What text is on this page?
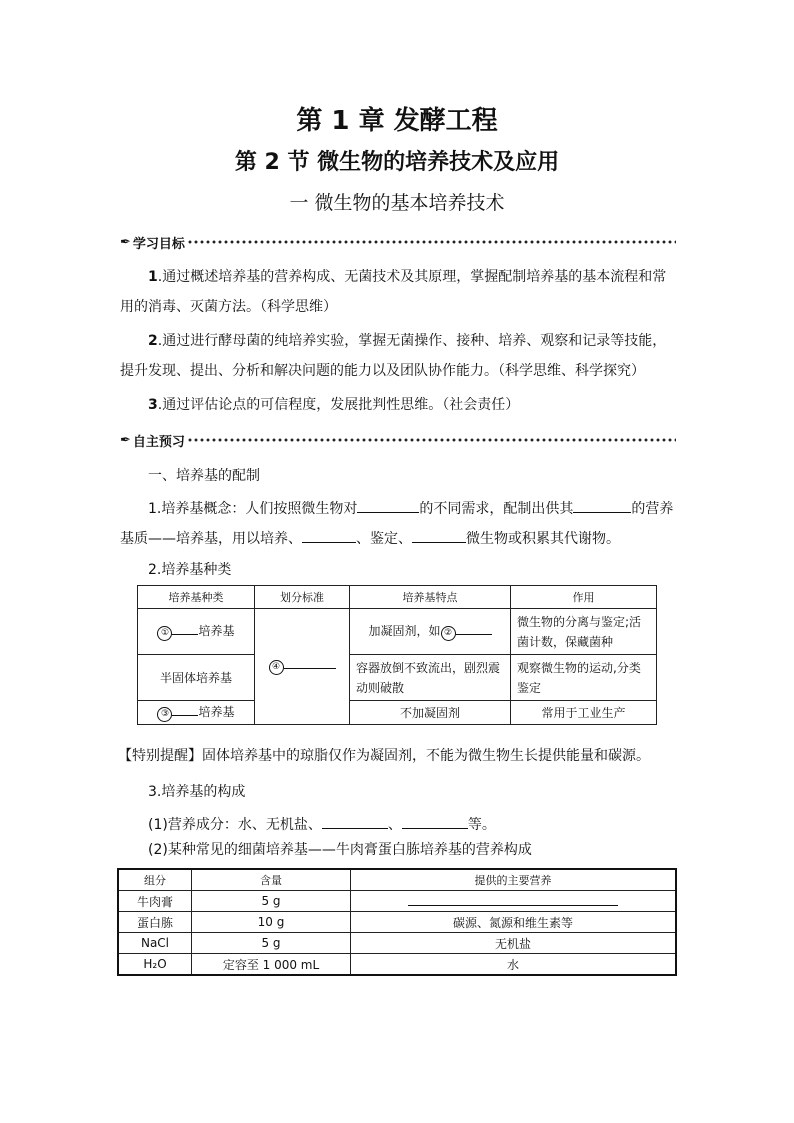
第 1 章 发酵工程
第 2 节 微生物的培养技术及应用
一 微生物的基本培养技术
✒ 学习目标
1.通过概述培养基的营养构成、无菌技术及其原理，掌握配制培养基的基本流程和常用的消毒、灭菌方法。（科学思维）
2.通过进行酵母菌的纯培养实验，掌握无菌操作、接种、培养、观察和记录等技能，提升发现、提出、分析和解决问题的能力以及团队协作能力。（科学思维、科学探究）
3.通过评估论点的可信程度，发展批判性思维。（社会责任）
✒ 自主预习
一、培养基的配制
1.培养基概念：人们按照微生物对	的不同需求，配制出供其	的营养
基质——培养基，用以培养、	、鉴定、	微生物或积累其代谢物。
2.培养基种类
培养基种类	划分标准	培养基特点	作用
① 培养基	④	加凝固剂，如 ②	微生物的分离与鉴定;活菌计数，保藏菌种
半固体培养基		容器放倒不致流出，剧烈震动则破散	观察微生物的运动,分类鉴定
③ 培养基		不加凝固剂	常用于工业生产
【特别提醒】固体培养基中的琼脂仅作为凝固剂，不能为微生物生长提供能量和碳源。
3.培养基的构成
(1)营养成分：水、无机盐、	、	等。
(2)某种常见的细菌培养基——牛肉膏蛋白胨培养基的营养构成
组分	含量	提供的主要营养
牛肉膏	5 g	
蛋白胨	10 g	碳源、氮源和维生素等
NaCl	5 g	无机盐
H₂O	定容至 1 000 mL	水
